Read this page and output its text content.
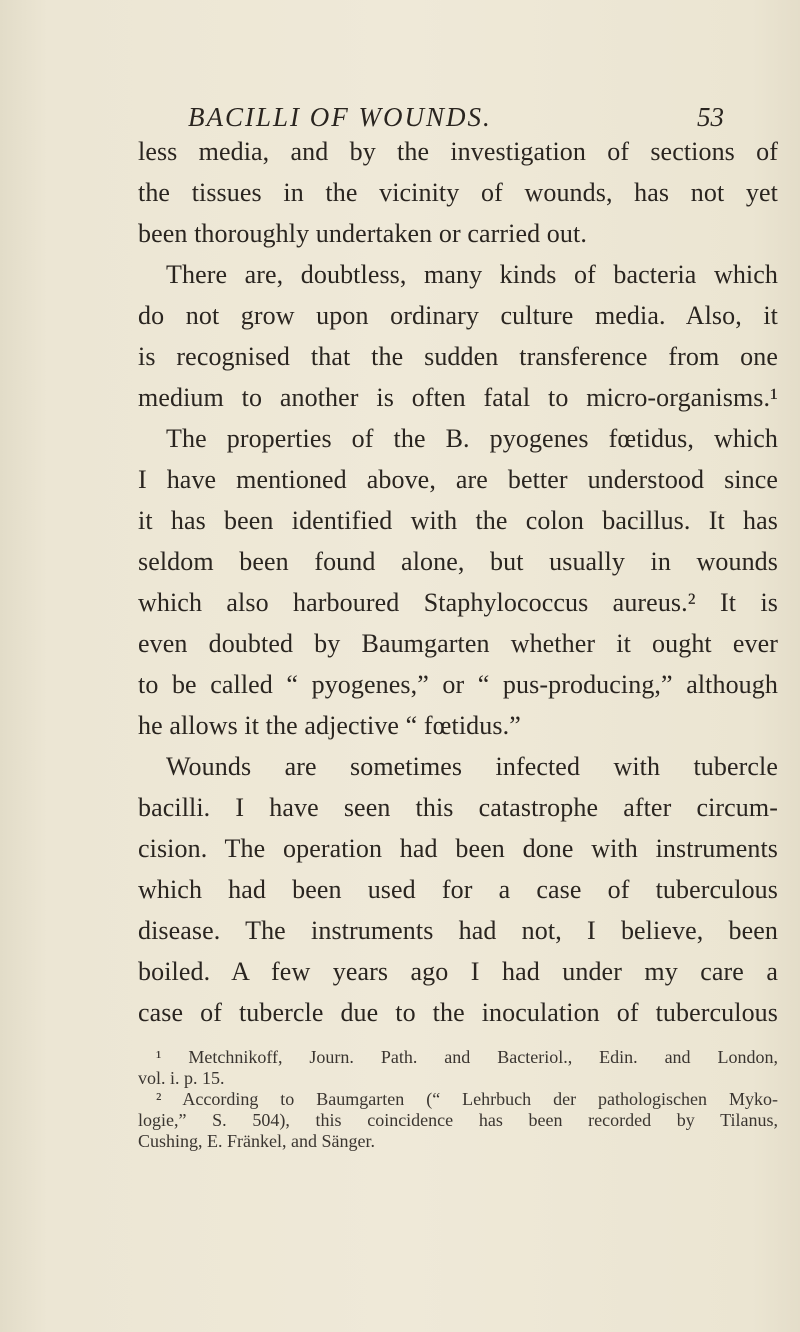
BACILLI OF WOUNDS.	53
less media, and by the investigation of sections of
the tissues in the vicinity of wounds, has not yet
been thoroughly undertaken or carried out.
There are, doubtless, many kinds of bacteria which
do not grow upon ordinary culture media. Also, it
is recognised that the sudden transference from one
medium to another is often fatal to micro-organisms.¹
The properties of the B. pyogenes fœtidus, which
I have mentioned above, are better understood since
it has been identified with the colon bacillus. It has
seldom been found alone, but usually in wounds
which also harboured Staphylococcus aureus.² It is
even doubted by Baumgarten whether it ought ever
to be called “ pyogenes,” or “ pus-producing,” although
he allows it the adjective “ fœtidus.”
Wounds are sometimes infected with tubercle
bacilli. I have seen this catastrophe after circum-
cision. The operation had been done with instruments
which had been used for a case of tuberculous
disease. The instruments had not, I believe, been
boiled. A few years ago I had under my care a
case of tubercle due to the inoculation of tuberculous
¹ Metchnikoff, Journ. Path. and Bacteriol., Edin. and London,
vol. i. p. 15.
² According to Baumgarten (“ Lehrbuch der pathologischen Myko-
logie,” S. 504), this coincidence has been recorded by Tilanus,
Cushing, E. Fränkel, and Sänger.
